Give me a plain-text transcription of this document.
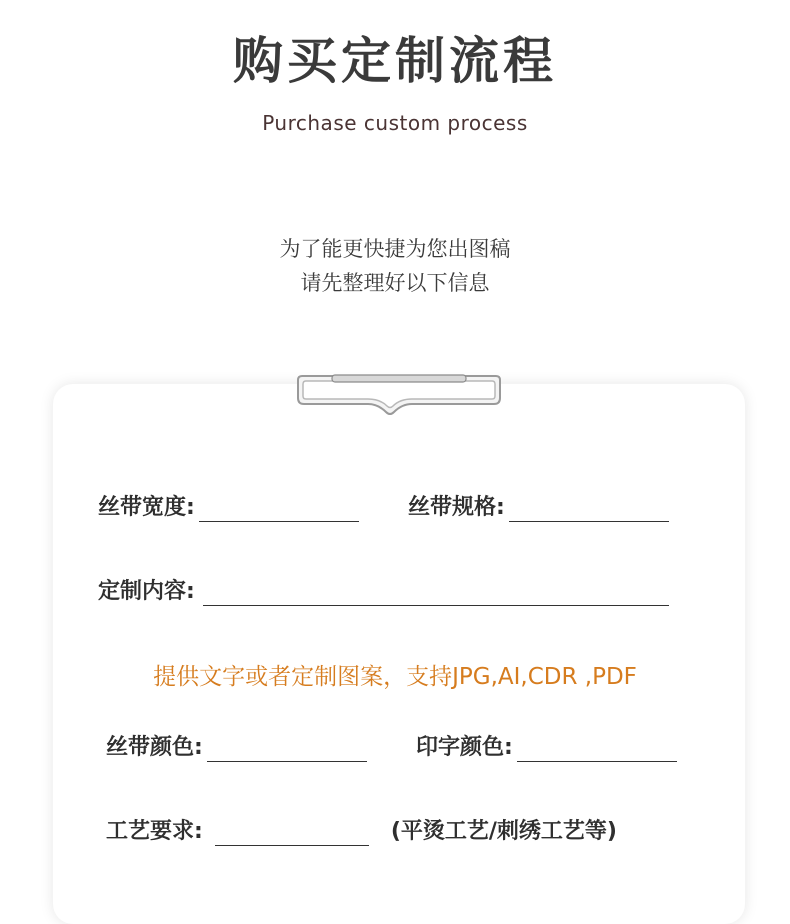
购买定制流程
Purchase custom process
为了能更快捷为您出图稿
请先整理好以下信息
丝带宽度:	丝带规格:
定制内容:
提供文字或者定制图案，支持JPG,AI,CDR ,PDF
丝带颜色:	印字颜色:
工艺要求:	(平烫工艺/刺绣工艺等)
